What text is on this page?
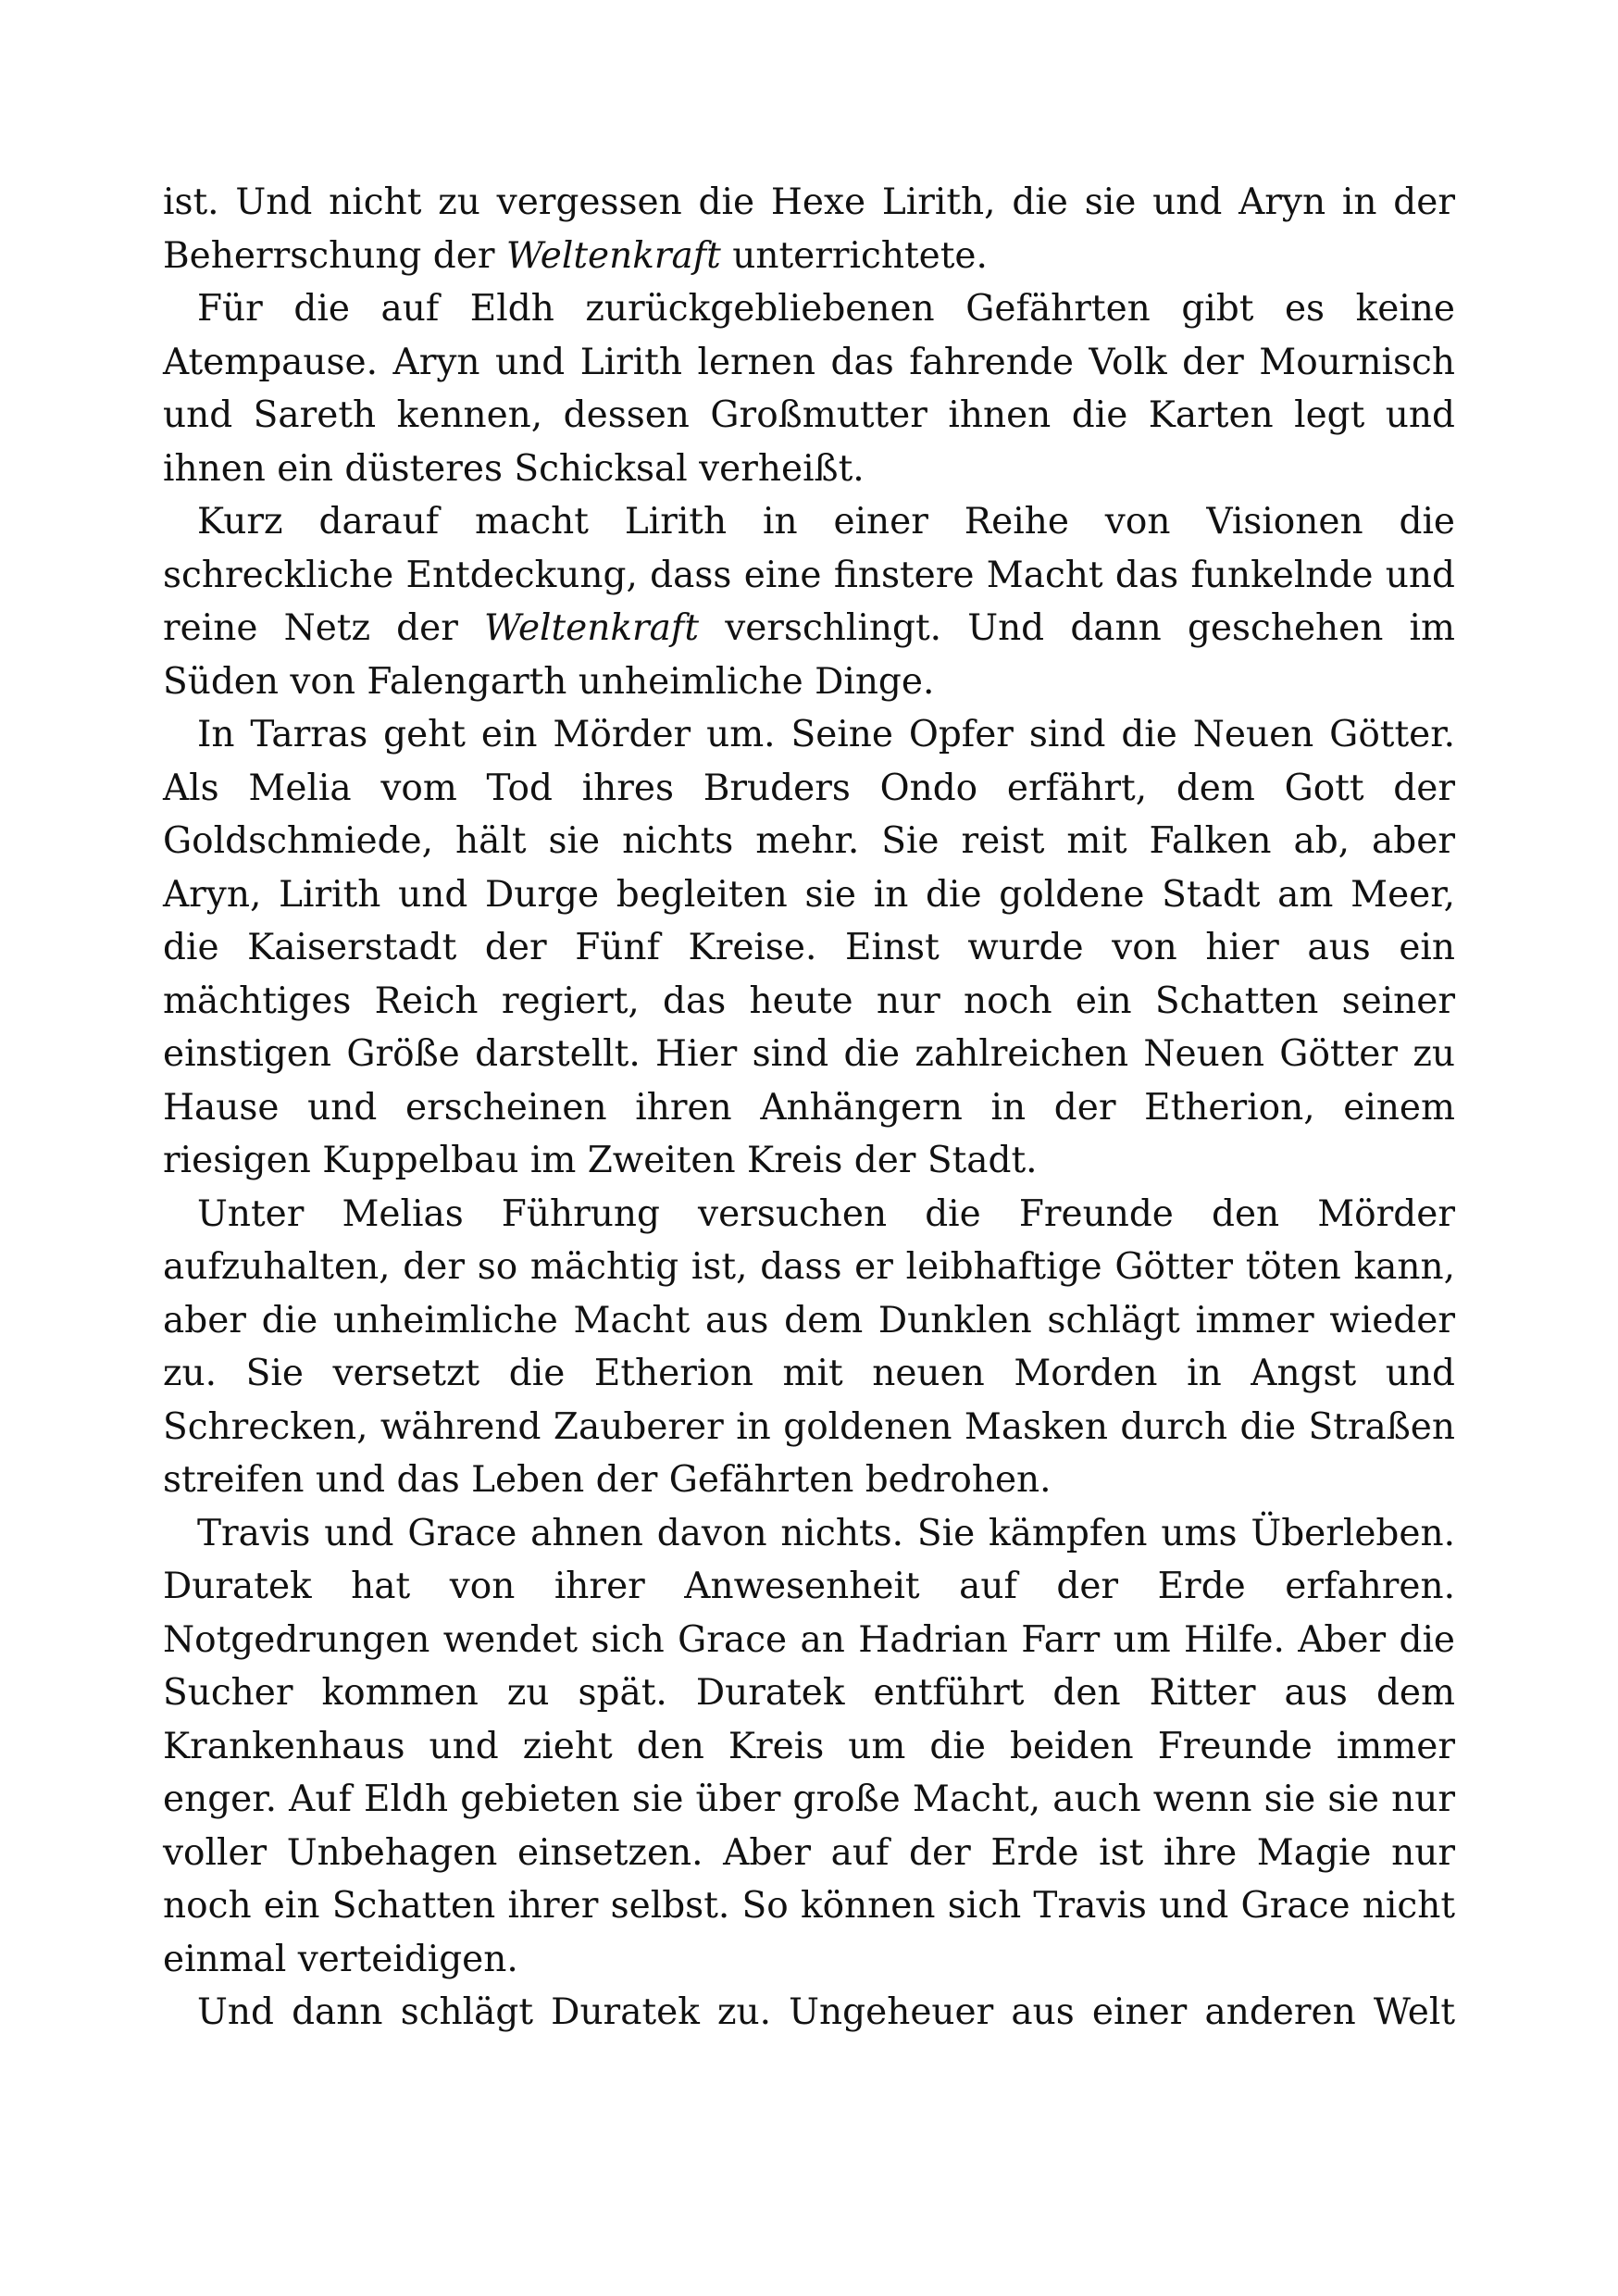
ist. Und nicht zu vergessen die Hexe Lirith, die sie und Aryn in der Beherrschung der Weltenkraft unterrichtete.

Für die auf Eldh zurückgebliebenen Gefährten gibt es keine Atempause. Aryn und Lirith lernen das fahrende Volk der Mournisch und Sareth kennen, dessen Großmutter ihnen die Karten legt und ihnen ein düsteres Schicksal verheißt.

Kurz darauf macht Lirith in einer Reihe von Visionen die schreckliche Entdeckung, dass eine finstere Macht das funkelnde und reine Netz der Weltenkraft verschlingt. Und dann geschehen im Süden von Falengarth unheimliche Dinge.

In Tarras geht ein Mörder um. Seine Opfer sind die Neuen Götter. Als Melia vom Tod ihres Bruders Ondo erfährt, dem Gott der Goldschmiede, hält sie nichts mehr. Sie reist mit Falken ab, aber Aryn, Lirith und Durge begleiten sie in die goldene Stadt am Meer, die Kaiserstadt der Fünf Kreise. Einst wurde von hier aus ein mächtiges Reich regiert, das heute nur noch ein Schatten seiner einstigen Größe darstellt. Hier sind die zahlreichen Neuen Götter zu Hause und erscheinen ihren Anhängern in der Etherion, einem riesigen Kuppelbau im Zweiten Kreis der Stadt.

Unter Melias Führung versuchen die Freunde den Mörder aufzuhalten, der so mächtig ist, dass er leibhaftige Götter töten kann, aber die unheimliche Macht aus dem Dunklen schlägt immer wieder zu. Sie versetzt die Etherion mit neuen Morden in Angst und Schrecken, während Zauberer in goldenen Masken durch die Straßen streifen und das Leben der Gefährten bedrohen.

Travis und Grace ahnen davon nichts. Sie kämpfen ums Überleben. Duratek hat von ihrer Anwesenheit auf der Erde erfahren. Notgedrungen wendet sich Grace an Hadrian Farr um Hilfe. Aber die Sucher kommen zu spät. Duratek entführt den Ritter aus dem Krankenhaus und zieht den Kreis um die beiden Freunde immer enger. Auf Eldh gebieten sie über große Macht, auch wenn sie sie nur voller Unbehagen einsetzen. Aber auf der Erde ist ihre Magie nur noch ein Schatten ihrer selbst. So können sich Travis und Grace nicht einmal verteidigen.

Und dann schlägt Duratek zu. Ungeheuer aus einer anderen Welt
